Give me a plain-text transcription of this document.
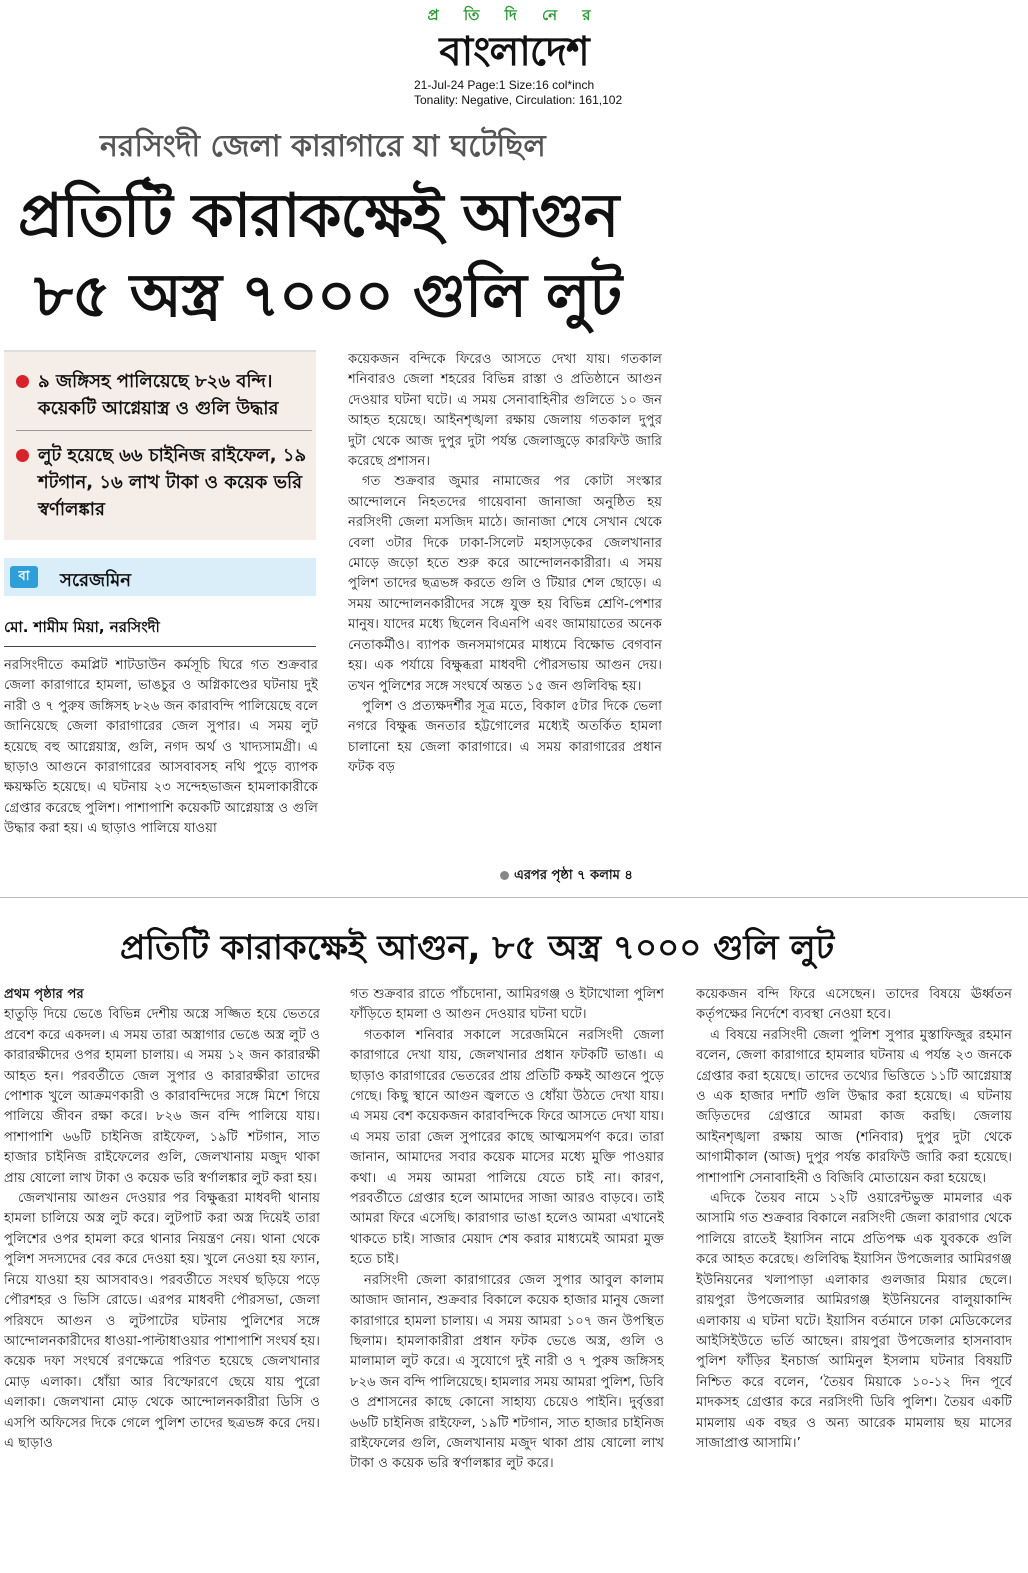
প্র তি দি নে র
বাংলাদেশ
21-Jul-24 Page:1 Size:16 col*inch
Tonality: Negative, Circulation: 161,102
নরসিংদী জেলা কারাগারে যা ঘটেছিল
প্রতিটি কারাকক্ষেই আগুন
৮৫ অস্ত্র ৭০০০ গুলি লুট
৯ জঙ্গিসহ পালিয়েছে ৮২৬ বন্দি। কয়েকটি আগ্নেয়াস্ত্র ও গুলি উদ্ধার
লুট হয়েছে ৬৬ চাইনিজ রাইফেল, ১৯ শটগান, ১৬ লাখ টাকা ও কয়েক ভরি স্বর্ণালঙ্কার
বা	সরেজমিন
মো. শামীম মিয়া, নরসিংদী

নরসিংদীতে কমপ্লিট শাটডাউন কর্মসূচি ঘিরে গত শুক্রবার জেলা কারাগারে হামলা, ভাঙচুর ও অগ্নিকাণ্ডের ঘটনায় দুই নারী ও ৭ পুরুষ জঙ্গিসহ ৮২৬ জন কারাবন্দি পালিয়েছে বলে জানিয়েছে জেলা কারাগারের জেল সুপার। এ সময় লুট হয়েছে বহু আগ্নেয়াস্ত্র, গুলি, নগদ অর্থ ও খাদ্যসামগ্রী। এ ছাড়াও আগুনে কারাগারের আসবাবসহ নথি পুড়ে ব্যাপক ক্ষয়ক্ষতি হয়েছে। এ ঘটনায় ২৩ সন্দেহভাজন হামলাকারীকে গ্রেপ্তার করেছে পুলিশ। পাশাপাশি কয়েকটি আগ্নেয়াস্ত্র ও গুলি উদ্ধার করা হয়। এ ছাড়াও পালিয়ে যাওয়া

কয়েকজন বন্দিকে ফিরেও আসতে দেখা যায়। গতকাল শনিবারও জেলা শহরের বিভিন্ন রাস্তা ও প্রতিষ্ঠানে আগুন দেওয়ার ঘটনা ঘটে। এ সময় সেনাবাহিনীর গুলিতে ১০ জন আহত হয়েছে। আইনশৃঙ্খলা রক্ষায় জেলায় গতকাল দুপুর দুটা থেকে আজ দুপুর দুটা পর্যন্ত জেলাজুড়ে কারফিউ জারি করেছে প্রশাসন।

গত শুক্রবার জুমার নামাজের পর কোটা সংস্কার আন্দোলনে নিহতদের গায়েবানা জানাজা অনুষ্ঠিত হয় নরসিংদী জেলা মসজিদ মাঠে। জানাজা শেষে সেখান থেকে বেলা ৩টার দিকে ঢাকা-সিলেট মহাসড়কের জেলখানার মোড়ে জড়ো হতে শুরু করে আন্দোলনকারীরা। এ সময় পুলিশ তাদের ছত্রভঙ্গ করতে গুলি ও টিয়ার শেল ছোড়ে। এ সময় আন্দোলনকারীদের সঙ্গে যুক্ত হয় বিভিন্ন শ্রেণি-পেশার মানুষ। যাদের মধ্যে ছিলেন বিএনপি এবং জামায়াতের অনেক নেতাকর্মীও। ব্যাপক জনসমাগমের মাধ্যমে বিক্ষোভ বেগবান হয়। এক পর্যায়ে বিক্ষুব্ধরা মাধবদী পৌরসভায় আগুন দেয়। তখন পুলিশের সঙ্গে সংঘর্ষে অন্তত ১৫ জন গুলিবিদ্ধ হয়।

পুলিশ ও প্রত্যক্ষদর্শীর সূত্র মতে, বিকাল ৫টার দিকে ভেলা নগরে বিক্ষুব্ধ জনতার হট্টগোলের মধ্যেই অতর্কিত হামলা চালানো হয় জেলা কারাগারে। এ সময় কারাগারের প্রধান ফটক বড়

এরপর পৃষ্ঠা ৭ কলাম ৪
প্রতিটি কারাকক্ষেই আগুন, ৮৫ অস্ত্র ৭০০০ গুলি লুট

প্রথম পৃষ্ঠার পর

হাতুড়ি দিয়ে ভেঙে বিভিন্ন দেশীয় অস্ত্রে সজ্জিত হয়ে ভেতরে প্রবেশ করে একদল। এ সময় তারা অস্ত্রাগার ভেঙে অস্ত্র লুট ও কারারক্ষীদের ওপর হামলা চালায়। এ সময় ১২ জন কারারক্ষী আহত হন। পরবর্তীতে জেল সুপার ও কারারক্ষীরা তাদের পোশাক খুলে আক্রমণকারী ও কারাবন্দিদের সঙ্গে মিশে গিয়ে পালিয়ে জীবন রক্ষা করে। ৮২৬ জন বন্দি পালিয়ে যায়। পাশাপাশি ৬৬টি চাইনিজ রাইফেল, ১৯টি শটগান, সাত হাজার চাইনিজ রাইফেলের গুলি, জেলখানায় মজুদ থাকা প্রায় ষোলো লাখ টাকা ও কয়েক ভরি স্বর্ণালঙ্কার লুট করা হয়।

জেলখানায় আগুন দেওয়ার পর বিক্ষুব্ধরা মাধবদী থানায় হামলা চালিয়ে অস্ত্র লুট করে। লুটপাট করা অস্ত্র দিয়েই তারা পুলিশের ওপর হামলা করে থানার নিয়ন্ত্রণ নেয়। থানা থেকে পুলিশ সদস্যদের বের করে দেওয়া হয়। খুলে নেওয়া হয় ফ্যান, নিয়ে যাওয়া হয় আসবাবও। পরবর্তীতে সংঘর্ষ ছড়িয়ে পড়ে পৌরশহর ও ভিসি রোডে। এরপর মাধবদী পৌরসভা, জেলা পরিষদে আগুন ও লুটপাটের ঘটনায় পুলিশের সঙ্গে আন্দোলনকারীদের ধাওয়া-পাল্টাধাওয়ার পাশাপাশি সংঘর্ষ হয়। কয়েক দফা সংঘর্ষে রণক্ষেত্রে পরিণত হয়েছে জেলখানার মোড় এলাকা। ধোঁয়া আর বিস্ফোরণে ছেয়ে যায় পুরো এলাকা। জেলখানা মোড় থেকে আন্দোলনকারীরা ডিসি ও এসপি অফিসের দিকে গেলে পুলিশ তাদের ছত্রভঙ্গ করে দেয়। এ ছাড়াও

গত শুক্রবার রাতে পাঁচদোনা, আমিরগঞ্জ ও ইটাখোলা পুলিশ ফাঁড়িতে হামলা ও আগুন দেওয়ার ঘটনা ঘটে।

গতকাল শনিবার সকালে সরেজমিনে নরসিংদী জেলা কারাগারে দেখা যায়, জেলখানার প্রধান ফটকটি ভাঙা। এ ছাড়াও কারাগারের ভেতরের প্রায় প্রতিটি কক্ষই আগুনে পুড়ে গেছে। কিছু স্থানে আগুন জ্বলতে ও ধোঁয়া উঠতে দেখা যায়। এ সময় বেশ কয়েকজন কারাবন্দিকে ফিরে আসতে দেখা যায়। এ সময় তারা জেল সুপারের কাছে আত্মসমর্পণ করে। তারা জানান, আমাদের সবার কয়েক মাসের মধ্যে মুক্তি পাওয়ার কথা। এ সময় আমরা পালিয়ে যেতে চাই না। কারণ, পরবর্তীতে গ্রেপ্তার হলে আমাদের সাজা আরও বাড়বে। তাই আমরা ফিরে এসেছি। কারাগার ভাঙা হলেও আমরা এখানেই থাকতে চাই। সাজার মেয়াদ শেষ করার মাধ্যমেই আমরা মুক্ত হতে চাই।

নরসিংদী জেলা কারাগারের জেল সুপার আবুল কালাম আজাদ জানান, শুক্রবার বিকালে কয়েক হাজার মানুষ জেলা কারাগারে হামলা চালায়। এ সময় আমরা ১০৭ জন উপস্থিত ছিলাম। হামলাকারীরা প্রধান ফটক ভেঙে অস্ত্র, গুলি ও মালামাল লুট করে। এ সুযোগে দুই নারী ও ৭ পুরুষ জঙ্গিসহ ৮২৬ জন বন্দি পালিয়েছে। হামলার সময় আমরা পুলিশ, ডিবি ও প্রশাসনের কাছে কোনো সাহায্য চেয়েও পাইনি। দুর্বৃত্তরা ৬৬টি চাইনিজ রাইফেল, ১৯টি শটগান, সাত হাজার চাইনিজ রাইফেলের গুলি, জেলখানায় মজুদ থাকা প্রায় ষোলো লাখ টাকা ও কয়েক ভরি স্বর্ণালঙ্কার লুট করে।

কয়েকজন বন্দি ফিরে এসেছেন। তাদের বিষয়ে ঊর্ধ্বতন কর্তৃপক্ষের নির্দেশে ব্যবস্থা নেওয়া হবে।

এ বিষয়ে নরসিংদী জেলা পুলিশ সুপার মুস্তাফিজুর রহমান বলেন, জেলা কারাগারে হামলার ঘটনায় এ পর্যন্ত ২৩ জনকে গ্রেপ্তার করা হয়েছে। তাদের তথ্যের ভিত্তিতে ১১টি আগ্নেয়াস্ত্র ও এক হাজার দশটি গুলি উদ্ধার করা হয়েছে। এ ঘটনায় জড়িতদের গ্রেপ্তারে আমরা কাজ করছি। জেলায় আইনশৃঙ্খলা রক্ষায় আজ (শনিবার) দুপুর দুটা থেকে আগামীকাল (আজ) দুপুর পর্যন্ত কারফিউ জারি করা হয়েছে। পাশাপাশি সেনাবাহিনী ও বিজিবি মোতায়েন করা হয়েছে।

এদিকে তৈয়ব নামে ১২টি ওয়ারেন্টভুক্ত মামলার এক আসামি গত শুক্রবার বিকালে নরসিংদী জেলা কারাগার থেকে পালিয়ে রাতেই ইয়াসিন নামে প্রতিপক্ষ এক যুবককে গুলি করে আহত করেছে। গুলিবিদ্ধ ইয়াসিন উপজেলার আমিরগঞ্জ ইউনিয়নের খলাপাড়া এলাকার গুলজার মিয়ার ছেলে। রায়পুরা উপজেলার আমিরগঞ্জ ইউনিয়নের বালুয়াকান্দি এলাকায় এ ঘটনা ঘটে। ইয়াসিন বর্তমানে ঢাকা মেডিকেলের আইসিইউতে ভর্তি আছেন। রায়পুরা উপজেলার হাসনাবাদ পুলিশ ফাঁড়ির ইনচার্জ আমিনুল ইসলাম ঘটনার বিষয়টি নিশ্চিত করে বলেন, ‘তৈয়ব মিয়াকে ১০-১২ দিন পূর্বে মাদকসহ গ্রেপ্তার করে নরসিংদী ডিবি পুলিশ। তৈয়ব একটি মামলায় এক বছর ও অন্য আরেক মামলায় ছয় মাসের সাজাপ্রাপ্ত আসামি।’
